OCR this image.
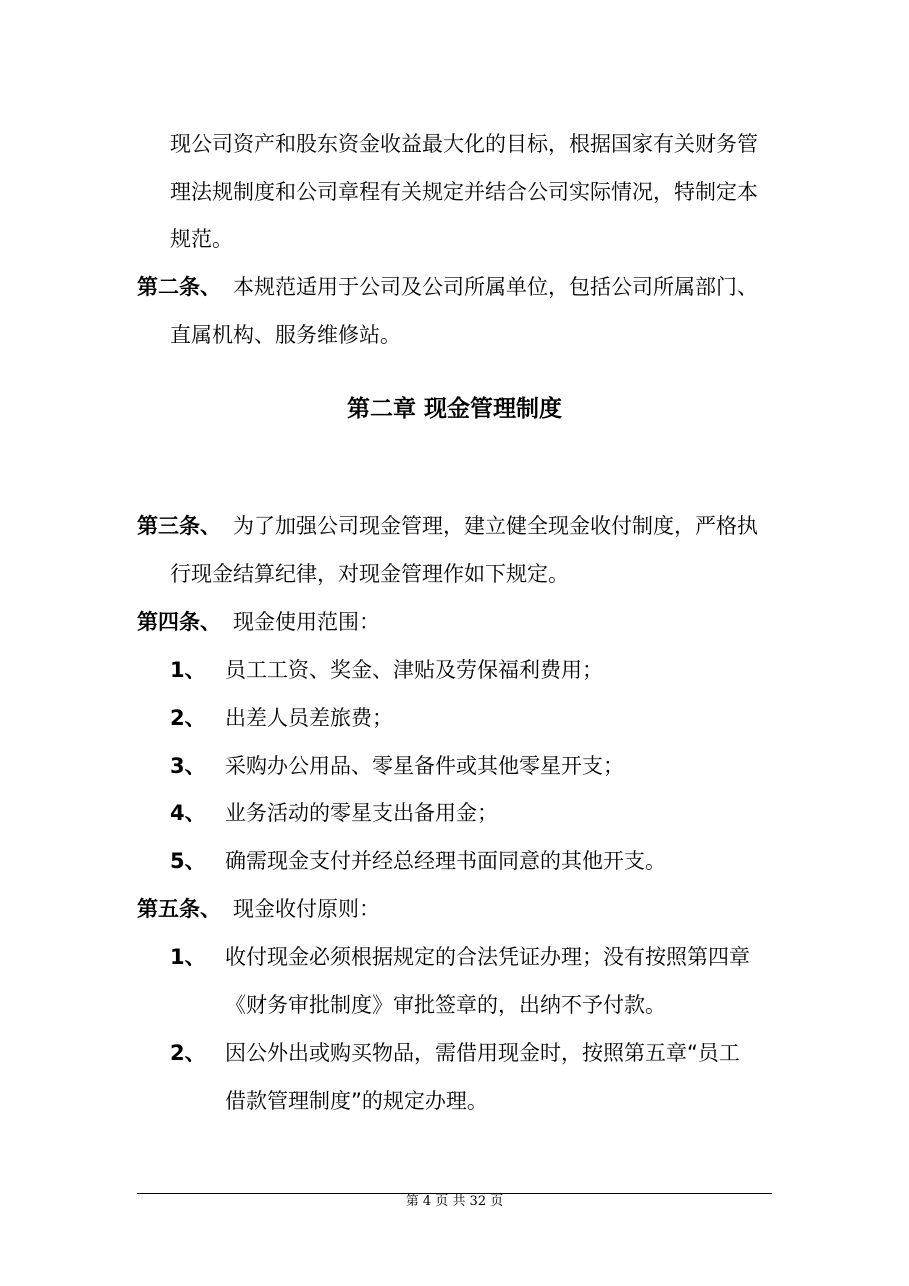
现公司资产和股东资金收益最大化的目标，根据国家有关财务管
理法规制度和公司章程有关规定并结合公司实际情况，特制定本
规范。
第二条、 本规范适用于公司及公司所属单位，包括公司所属部门、
直属机构、服务维修站。
第二章 现金管理制度
第三条、 为了加强公司现金管理，建立健全现金收付制度，严格执
行现金结算纪律，对现金管理作如下规定。
第四条、 现金使用范围：
1、 员工工资、奖金、津贴及劳保福利费用；
2、 出差人员差旅费；
3、 采购办公用品、零星备件或其他零星开支；
4、 业务活动的零星支出备用金；
5、 确需现金支付并经总经理书面同意的其他开支。
第五条、 现金收付原则：
1、 收付现金必须根据规定的合法凭证办理；没有按照第四章
《财务审批制度》审批签章的，出纳不予付款。
2、 因公外出或购买物品，需借用现金时，按照第五章“员工
借款管理制度”的规定办理。
第 4 页 共 32 页
